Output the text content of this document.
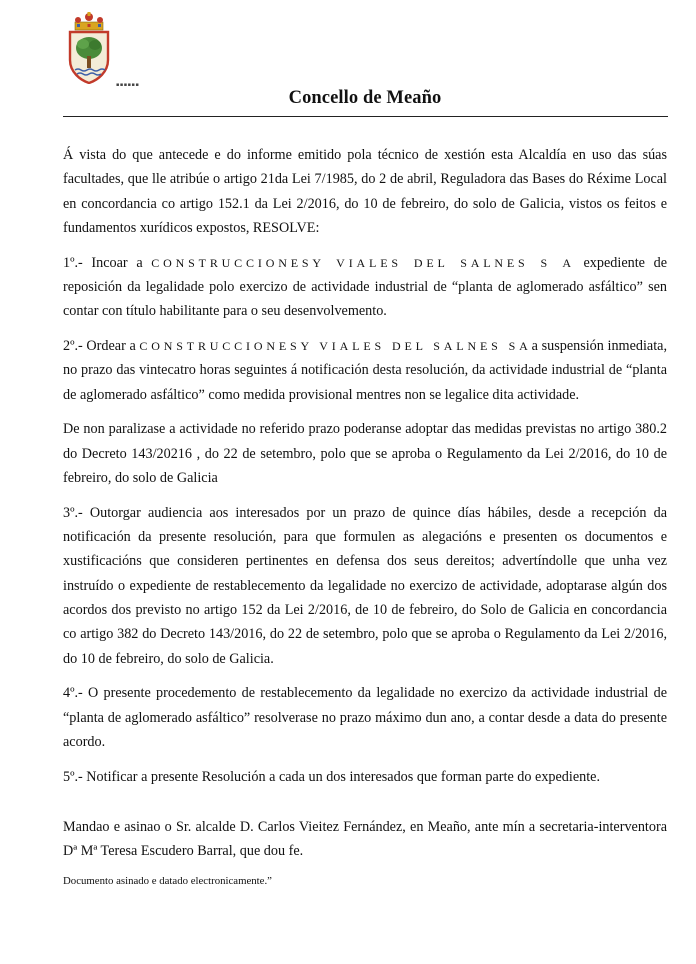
▪▪▪▪▪▪
Concello de Meaño

Á vista do que antecede e do informe emitido pola técnico de xestión esta Alcaldía en uso das súas facultades, que lle atribúe o artigo 21da Lei 7/1985, do 2 de abril, Reguladora das Bases do Réxime Local en concordancia co artigo 152.1 da Lei 2/2016, do 10 de febreiro, do solo de Galicia, vistos os feitos e fundamentos xurídicos expostos, RESOLVE:

1º.- Incoar a CONSTRUCCIONESY VIALES DEL SALNES S A expediente de reposición da legalidade polo exercizo de actividade industrial de “planta de aglomerado asfáltico” sen contar con título habilitante para o seu desenvolvemento.

2º.- Ordear a CONSTRUCCIONESY VIALES DEL SALNES SAa suspensión inmediata, no prazo das vintecatro horas seguintes á notificación desta resolución, da actividade industrial de “planta de aglomerado asfáltico” como medida provisional mentres non se legalice dita actividade.

De non paralizase a actividade no referido prazo poderanse adoptar das medidas previstas no artigo 380.2 do Decreto 143/20216 , do 22 de setembro, polo que se aproba o Regulamento da Lei 2/2016, do 10 de febreiro, do solo de Galicia

3º.- Outorgar audiencia aos interesados por un prazo de quince días hábiles, desde a recepción da notificación da presente resolución, para que formulen as alegacións e presenten os documentos e xustificacións que consideren pertinentes en defensa dos seus dereitos; advertíndolle que unha vez instruído o expediente de restablecemento da legalidade no exercizo de actividade, adoptarase algún dos acordos dos previsto no artigo 152 da Lei 2/2016, de 10 de febreiro, do Solo de Galicia en concordancia co artigo 382 do Decreto 143/2016, do 22 de setembro, polo que se aproba o Regulamento da Lei 2/2016, do 10 de febreiro, do solo de Galicia.

4º.- O presente procedemento de restablecemento da legalidade no exercizo da actividade industrial de “planta de aglomerado asfáltico” resolverase no prazo máximo dun ano, a contar desde a data do presente acordo.

5º.- Notificar a presente Resolución a cada un dos interesados que forman parte do expediente.

Mandao e asinao o Sr. alcalde D. Carlos Vieitez Fernández, en Meaño, ante mín a secretaria-interventora Dª Mª Teresa Escudero Barral, que dou fe.

Documento asinado e datado electronicamente.”
